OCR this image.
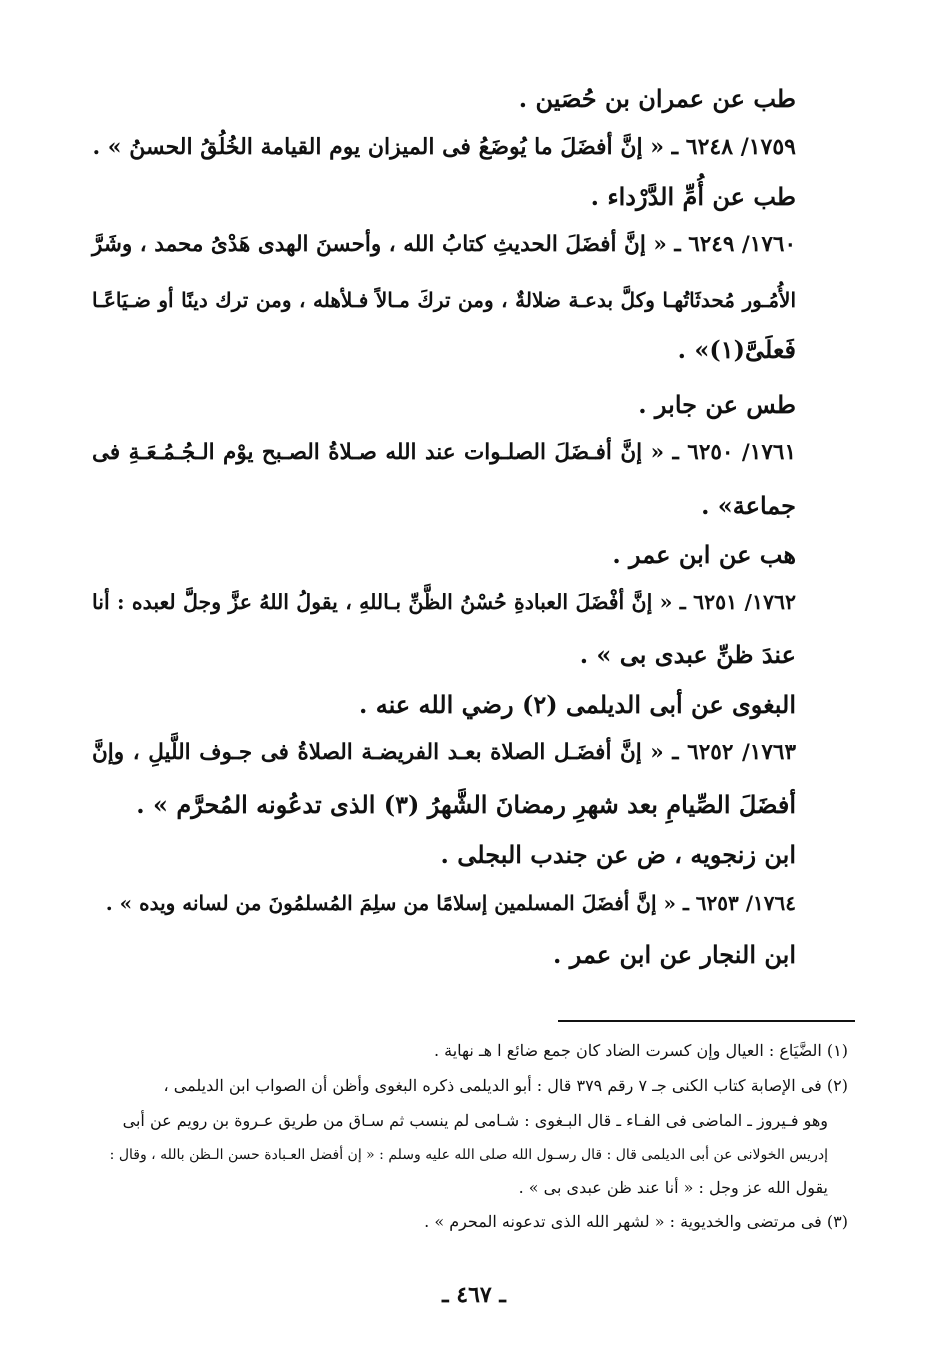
طب عن عمران بن حُصَين .
١٧٥٩/ ٦٢٤٨ ـ « إنَّ أفضَلَ ما يُوضَعُ فى الميزان يوم القيامة الخُلُقُ الحسنُ » .
طب عن أُمِّ الدَّرْداء .
١٧٦٠/ ٦٢٤٩ ـ « إنَّ أفضَلَ الحديثِ كتابُ الله ، وأحسنَ الهدى هَدْىُ محمد ، وشَرَّ
الأُمُـور مُحدثَاتُهـا وكلَّ بدعـة ضلالةٌ ، ومن تركَ مـالاً فـلأهله ، ومن ترك دينًا أو ضـيَاعًـا
فَعلَىَّ(١)» .
طس عن جابر .
١٧٦١/ ٦٢٥٠ ـ « إنَّ أفـضَلَ الصلـوات عند الله صـلاةُ الصـبح يوْم الـجُـمُـعَـةِ فى
جماعة» .
هب عن ابن عمر .
١٧٦٢/ ٦٢٥١ ـ « إنَّ أفْضَلَ العبادةِ حُسْنُ الظَّنِّ بـاللهِ ، يقولُ اللهُ عزَّ وجلَّ لعبده : أنا
عندَ ظنِّ عبدى بى » .
البغوى عن أبى الديلمى (٢) رضي الله عنه .
١٧٦٣/ ٦٢٥٢ ـ « إنَّ أفضَـل الصلاة بعـد الفريضـة الصلاةُ فى جـوف اللَّيلِ ، وإنَّ
أفضَلَ الصِّيامِ بعد شهرِ رمضانَ الشَّهرُ (٣) الذى تدعُونه المُحرَّم » .
ابن زنجويه ، ض عن جندب البجلى .
١٧٦٤/ ٦٢٥٣ ـ « إنَّ أفضَلَ المسلمين إسلامًا من سلِمَ المُسلمُونَ من لسانه ويده » .
ابن النجار عن ابن عمر .
(١) الضَّيَاع : العيال وإن كسرت الضاد كان جمع ضائع ا هـ نهاية .
(٢) فى الإصابة كتاب الكنى جـ ٧ رقم ٣٧٩ قال : أبو الديلمى ذكره البغوى وأظن أن الصواب ابن الديلمى ،
وهو فـيروز ـ الماضى فى الفـاء ـ قال البـغوى : شـامى لم ينسب ثم سـاق من طريق عـروة بن رويم عن أبى
إدريس الخولانى عن أبى الديلمى قال : قال رسـول الله صلى الله عليه وسلم : « إن أفضل العـبادة حسن الـظن بالله ، وقال :
يقول الله عز وجل : « أنا عند ظن عبدى بى » .
(٣) فى مرتضى والخديوية : « لشهر الله الذى تدعونه المحرم » .
ـ ٤٦٧ ـ
